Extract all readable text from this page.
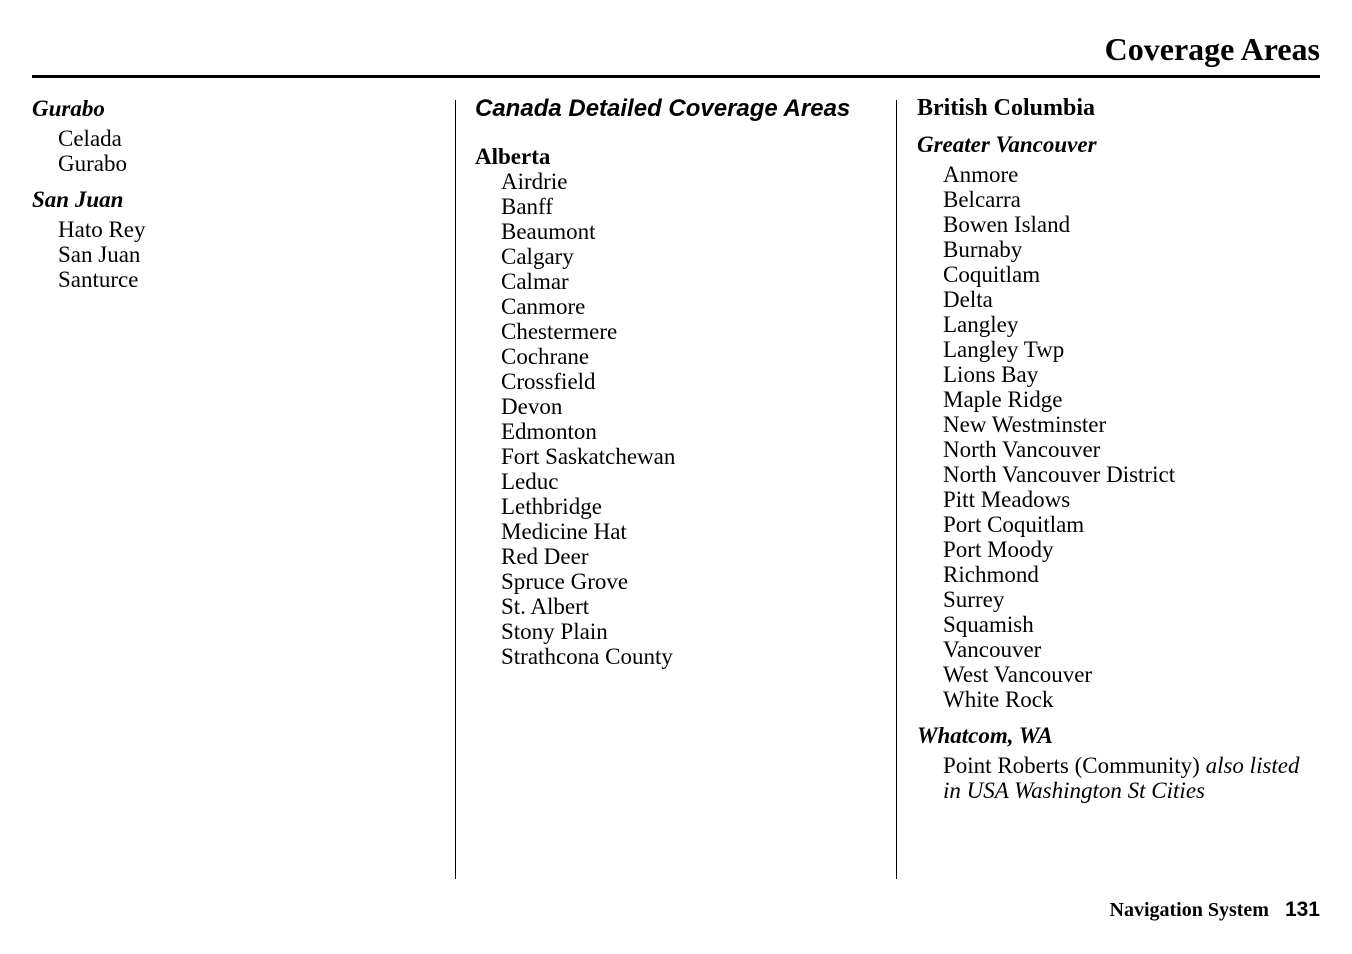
Coverage Areas
Gurabo
Celada
Gurabo
San Juan
Hato Rey
San Juan
Santurce
Canada Detailed Coverage Areas
Alberta
Airdrie
Banff
Beaumont
Calgary
Calmar
Canmore
Chestermere
Cochrane
Crossfield
Devon
Edmonton
Fort Saskatchewan
Leduc
Lethbridge
Medicine Hat
Red Deer
Spruce Grove
St. Albert
Stony Plain
Strathcona County
British Columbia
Greater Vancouver
Anmore
Belcarra
Bowen Island
Burnaby
Coquitlam
Delta
Langley
Langley Twp
Lions Bay
Maple Ridge
New Westminster
North Vancouver
North Vancouver District
Pitt Meadows
Port Coquitlam
Port Moody
Richmond
Surrey
Squamish
Vancouver
West Vancouver
White Rock
Whatcom, WA
Point Roberts (Community) also listed in USA Washington St Cities
Navigation System 131
